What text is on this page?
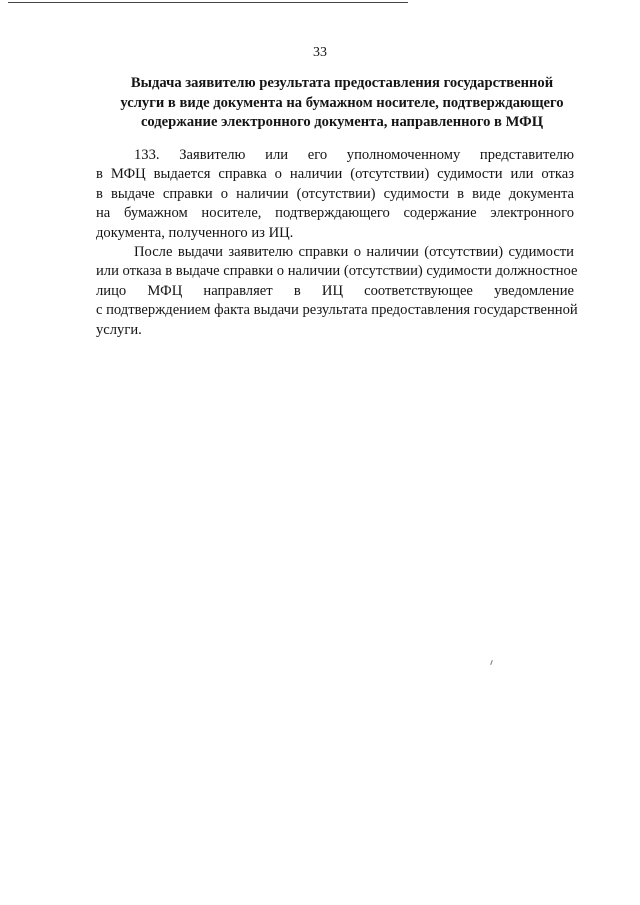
33
Выдача заявителю результата предоставления государственной
услуги в виде документа на бумажном носителе, подтверждающего
содержание электронного документа, направленного в МФЦ
133. Заявителю или его уполномоченному представителю
в МФЦ выдается справка о наличии (отсутствии) судимости или отказ
в выдаче справки о наличии (отсутствии) судимости в виде документа
на бумажном носителе, подтверждающего содержание электронного
документа, полученного из ИЦ.
После выдачи заявителю справки о наличии (отсутствии) судимости
или отказа в выдаче справки о наличии (отсутствии) судимости должностное
лицо МФЦ направляет в ИЦ соответствующее уведомление
с подтверждением факта выдачи результата предоставления государственной
услуги.
